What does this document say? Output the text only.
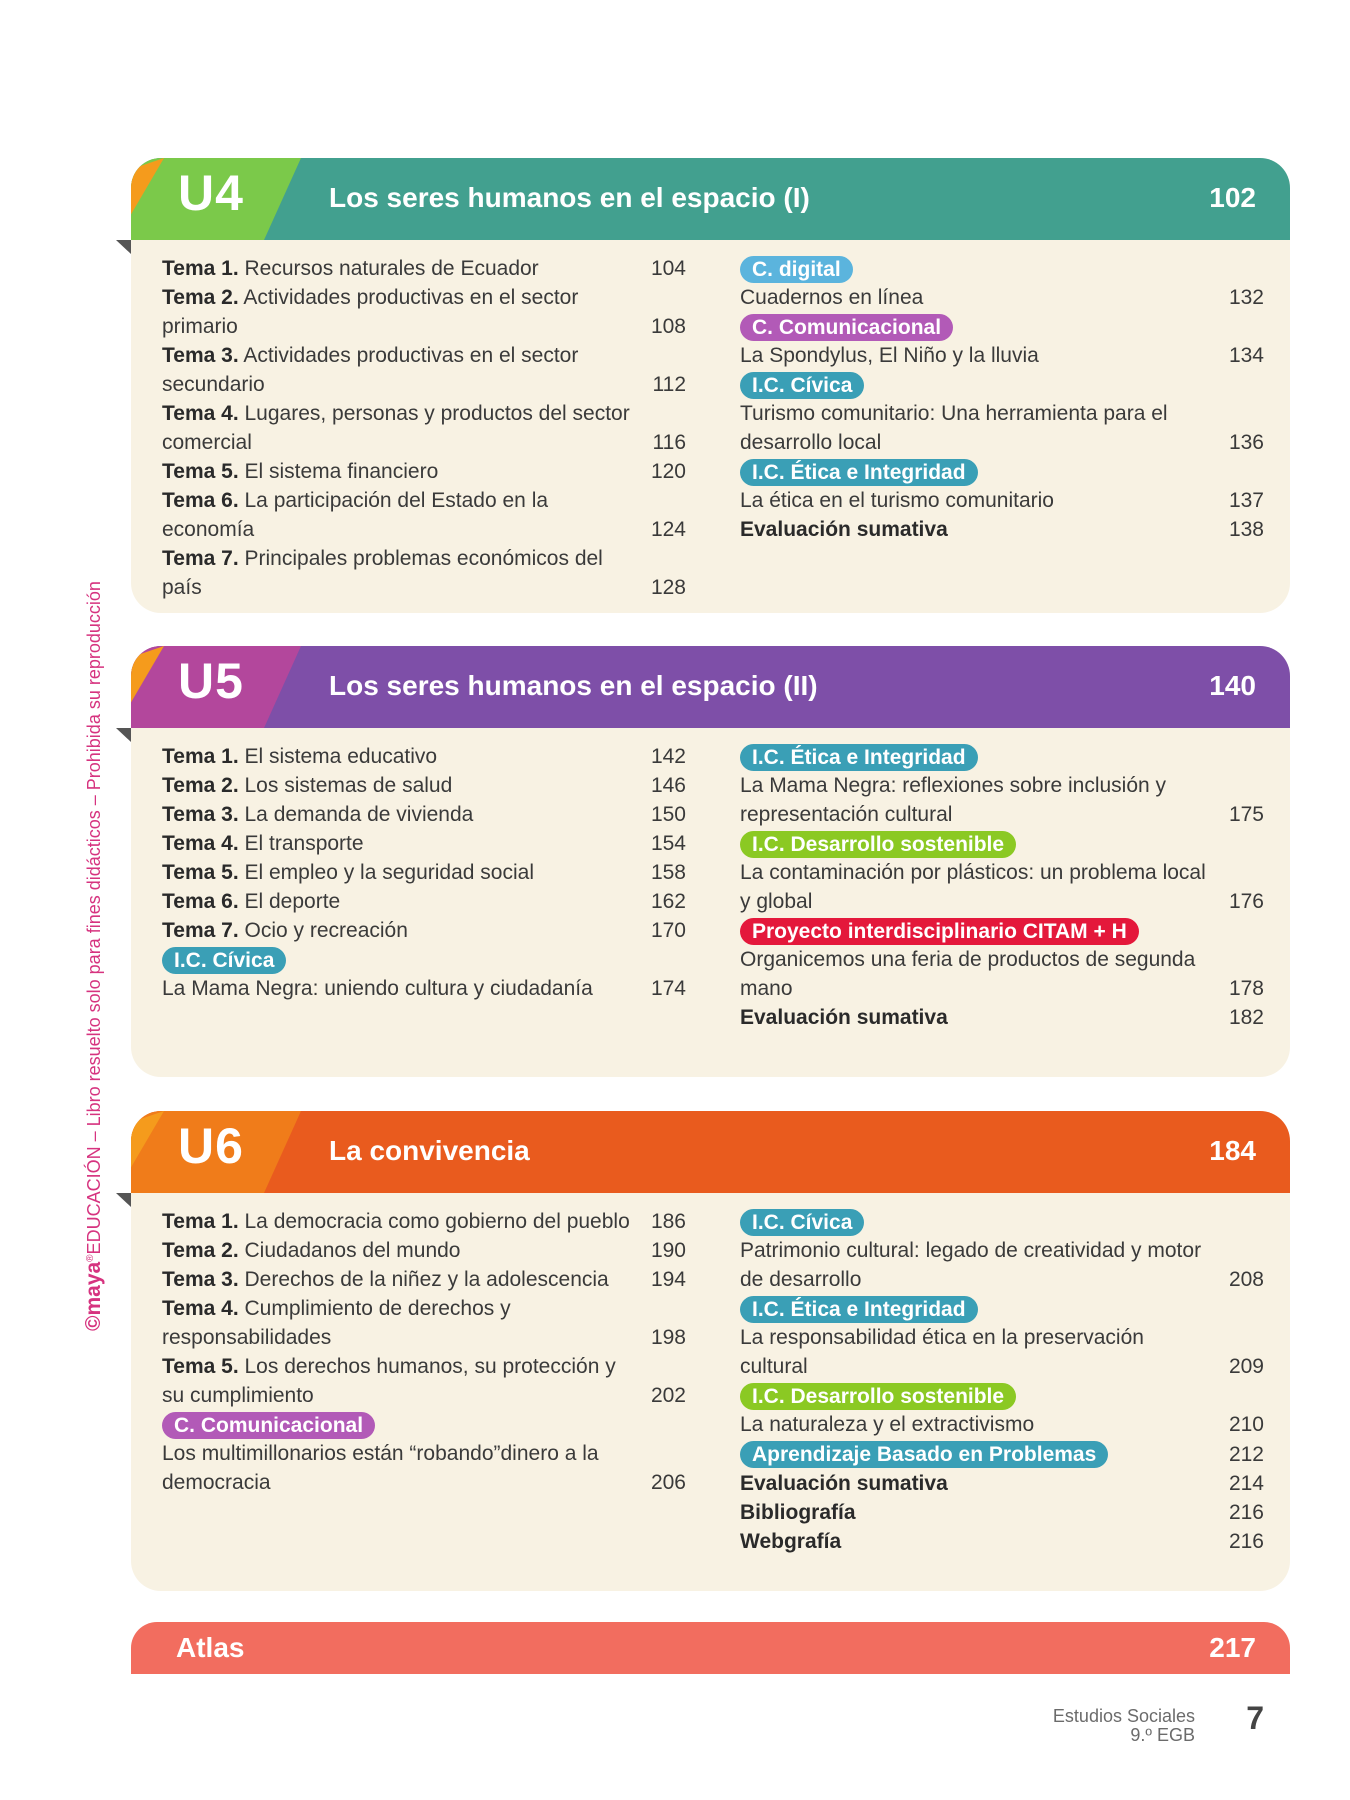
©maya®EDUCACIÓN – Libro resuelto solo para fines didácticos – Prohibida su reproducción
U4	Los seres humanos en el espacio (I)	102
Tema 1. Recursos naturales de Ecuador	104
Tema 2. Actividades productivas en el sector primario	108
Tema 3. Actividades productivas en el sector secundario	112
Tema 4. Lugares, personas y productos del sector comercial	116
Tema 5. El sistema financiero	120
Tema 6. La participación del Estado en la economía	124
Tema 7. Principales problemas económicos del país	128
C. digital
Cuadernos en línea	132
C. Comunicacional
La Spondylus, El Niño y la lluvia	134
I.C. Cívica
Turismo comunitario: Una herramienta para el desarrollo local	136
I.C. Ética e Integridad
La ética en el turismo comunitario	137
Evaluación sumativa	138
U5	Los seres humanos en el espacio (II)	140
Tema 1. El sistema educativo	142
Tema 2. Los sistemas de salud	146
Tema 3. La demanda de vivienda	150
Tema 4. El transporte	154
Tema 5. El empleo y la seguridad social	158
Tema 6. El deporte	162
Tema 7. Ocio y recreación	170
I.C. Cívica
La Mama Negra: uniendo cultura y ciudadanía	174
I.C. Ética e Integridad
La Mama Negra: reflexiones sobre inclusión y representación cultural	175
I.C. Desarrollo sostenible
La contaminación por plásticos: un problema local y global	176
Proyecto interdisciplinario CITAM + H
Organicemos una feria de productos de segunda mano	178
Evaluación sumativa	182
U6	La convivencia	184
Tema 1. La democracia como gobierno del pueblo 186
Tema 2. Ciudadanos del mundo	190
Tema 3. Derechos de la niñez y la adolescencia	194
Tema 4. Cumplimiento de derechos y responsabilidades	198
Tema 5. Los derechos humanos, su protección y su cumplimiento	202
C. Comunicacional
Los multimillonarios están “robando”dinero a la democracia	206
I.C. Cívica
Patrimonio cultural: legado de creatividad y motor de desarrollo	208
I.C. Ética e Integridad
La responsabilidad ética en la preservación cultural	209
I.C. Desarrollo sostenible
La naturaleza y el extractivismo	210
Aprendizaje Basado en Problemas	212
Evaluación sumativa	214
Bibliografía	216
Webgrafía	216
Atlas	217
Estudios Sociales
9.º EGB 7
